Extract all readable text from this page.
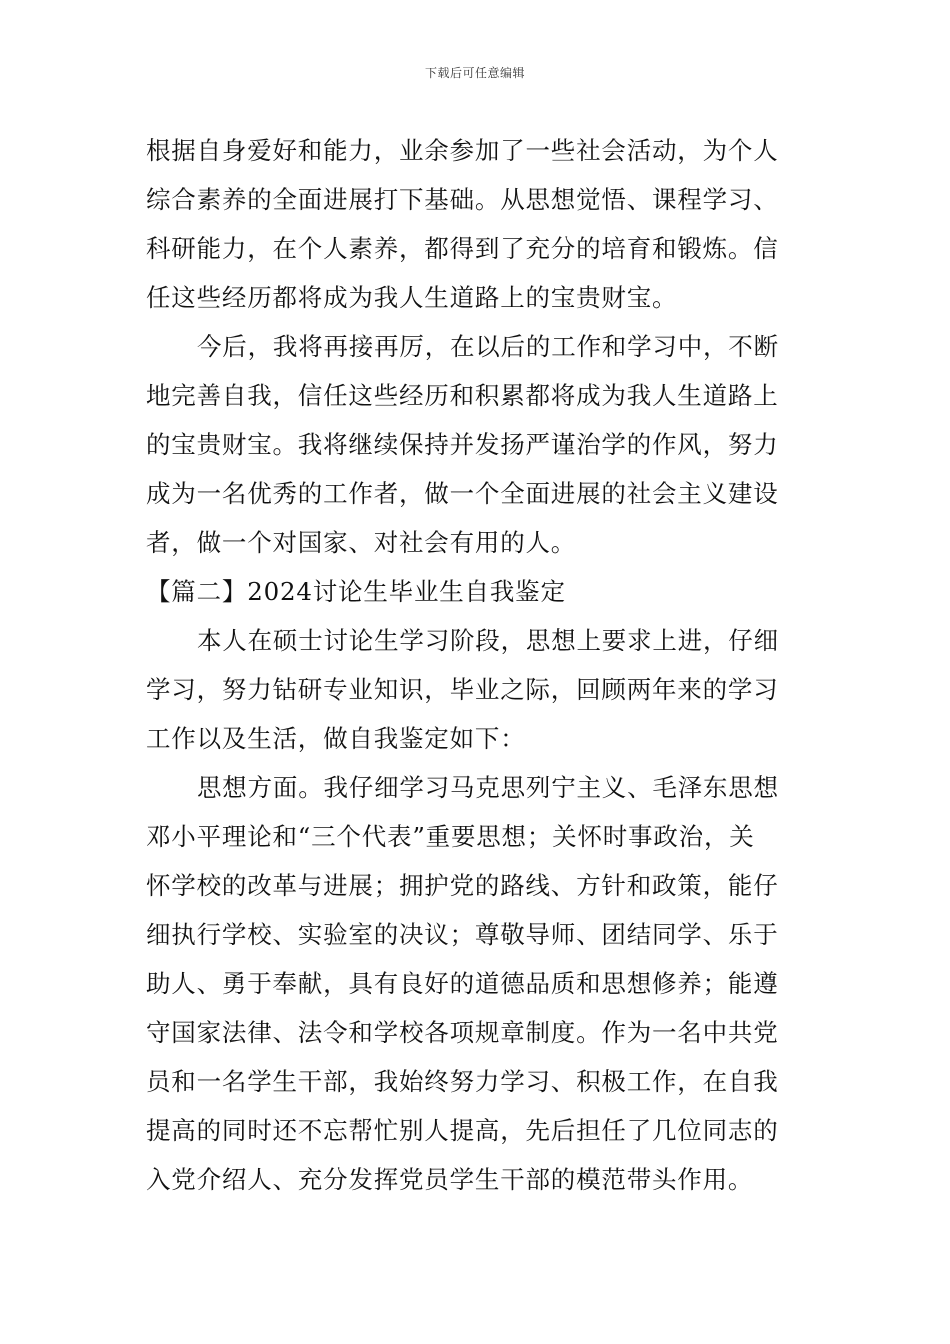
下载后可任意编辑

根据自身爱好和能力，业余参加了一些社会活动，为个人
综合素养的全面进展打下基础。从思想觉悟、课程学习、
科研能力，在个人素养，都得到了充分的培育和锻炼。信
任这些经历都将成为我人生道路上的宝贵财宝。

今后，我将再接再厉，在以后的工作和学习中，不断
地完善自我，信任这些经历和积累都将成为我人生道路上
的宝贵财宝。我将继续保持并发扬严谨治学的作风，努力
成为一名优秀的工作者，做一个全面进展的社会主义建设
者，做一个对国家、对社会有用的人。

【篇二】2024讨论生毕业生自我鉴定

本人在硕士讨论生学习阶段，思想上要求上进，仔细
学习，努力钻研专业知识，毕业之际，回顾两年来的学习
工作以及生活，做自我鉴定如下：

思想方面。我仔细学习马克思列宁主义、毛泽东思想
邓小平理论和“三个代表”重要思想；关怀时事政治，关
怀学校的改革与进展；拥护党的路线、方针和政策，能仔
细执行学校、实验室的决议；尊敬导师、团结同学、乐于
助人、勇于奉献，具有良好的道德品质和思想修养；能遵
守国家法律、法令和学校各项规章制度。作为一名中共党
员和一名学生干部，我始终努力学习、积极工作，在自我
提高的同时还不忘帮忙别人提高，先后担任了几位同志的
入党介绍人、充分发挥党员学生干部的模范带头作用。
